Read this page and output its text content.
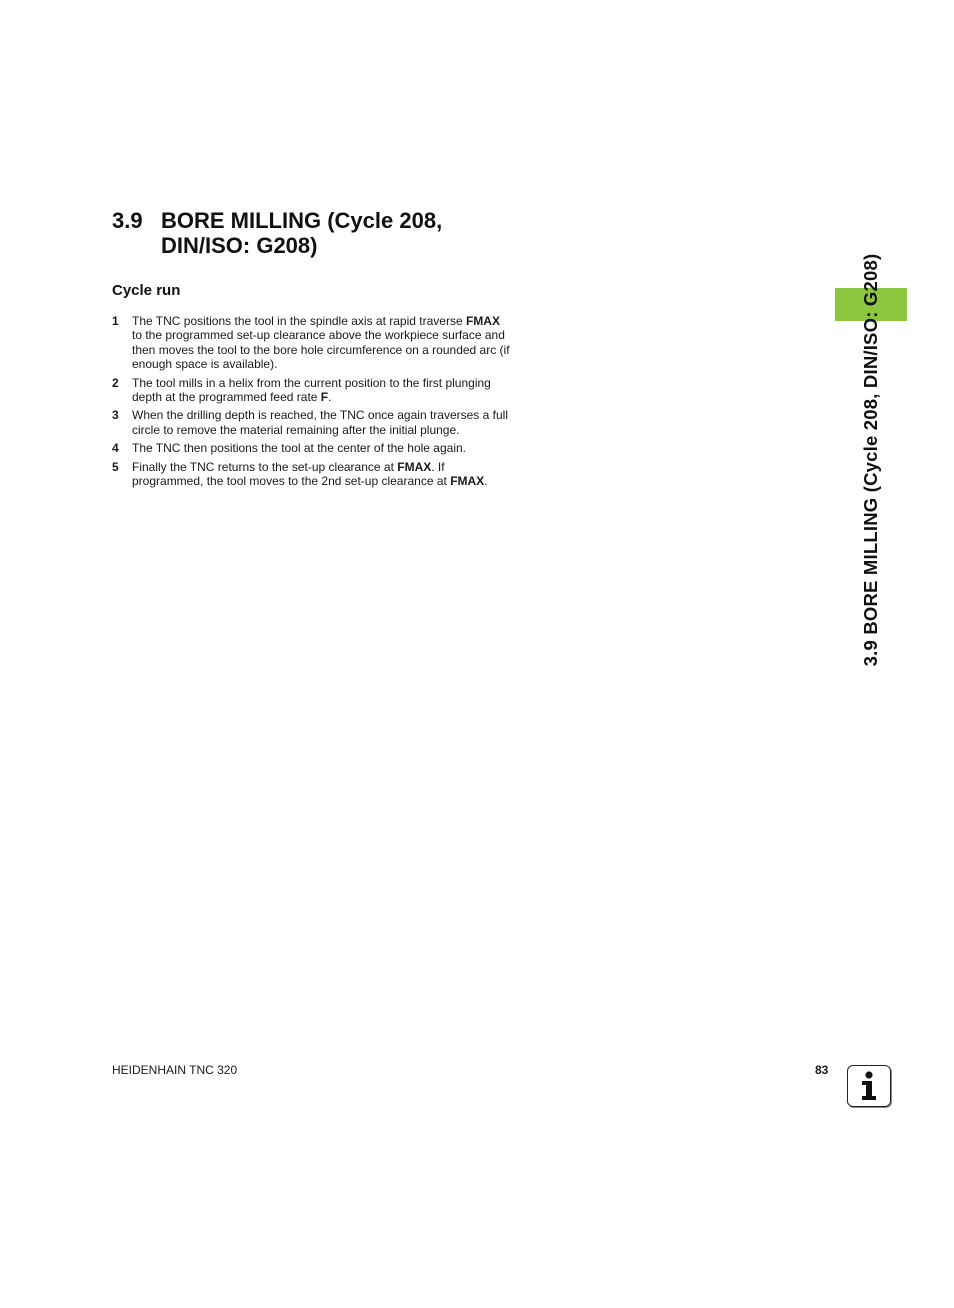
3.9 BORE MILLING (Cycle 208, DIN/ISO: G208)
3.9 BORE MILLING (Cycle 208,
DIN/ISO: G208)
Cycle run
1 The TNC positions the tool in the spindle axis at rapid traverse FMAX to the programmed set-up clearance above the workpiece surface and then moves the tool to the bore hole circumference on a rounded arc (if enough space is available).
2 The tool mills in a helix from the current position to the first plunging depth at the programmed feed rate F.
3 When the drilling depth is reached, the TNC once again traverses a full circle to remove the material remaining after the initial plunge.
4 The TNC then positions the tool at the center of the hole again.
5 Finally the TNC returns to the set-up clearance at FMAX. If programmed, the tool moves to the 2nd set-up clearance at FMAX.
HEIDENHAIN TNC 320	83
